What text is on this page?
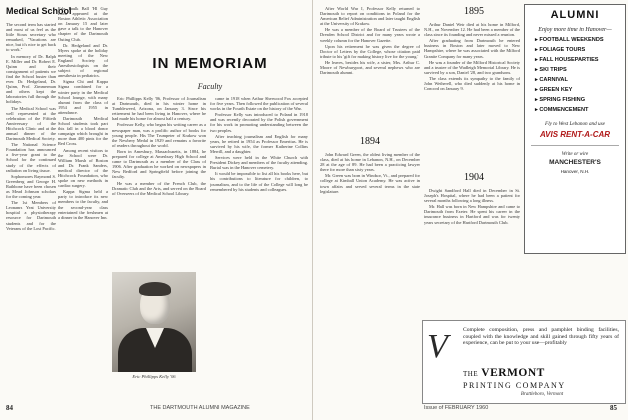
Medical School

The second term has started and most of us feel as the little Sioux secretary who remarked, "Vacations are nice, but it's nice to get back to work."

In memory of Dr. Ralph E. Miller and Dr. Robert E. Quinn and their consignment of patients we find the School busier than ever. Dr. Hedgeland, Dr. Quinn, Prof. Zimmerman and others kept the laboratories full through the holidays.

The Medical School was well represented at the celebration of the Fiftieth Anniversary of the Hitchcock Clinic and at the annual dinner of the Dartmouth Medical Society.

The National Science Foundation has announced a five-year grant to the School for the continued study of the effects of radiation on living tissue.

Sophomores Raymond S. Greenberg and George H. Rathbone have been chosen as Mead Johnson scholars for the coming year.

The 1st Members of Leonanrs Yeat University hospital a physiotherapy resource for Dartmouth students and for the Veterans of the Lost Pacific.

Erle Faulk Ball 'Hl Guy Lock appeared at the Boston Athletic Association on January 15 and later gave a talk to the Hanover chapter of the Dartmouth Outing Club.

Dr. Hedgeland and Dr. Myers spoke at the holiday meeting of the New England Society of Anesthesiologists on the subject of regional anesthesia in pediatrics.

Sigma Chi and Kappa Sigma combined for a winter party in the Medical School lounge, with many alumni from the class of 1954 and 1955 in attendance.

Dartmouth Medical School students took part this fall in a blood donor campaign which brought in more than 400 pints for the Red Cross.

Among recent visitors to the School were Dr. William Marsh of Boston and Dr. Frank Sanders, medical director of the Hitchcock Foundation, who spoke on new methods in cardiac surgery.

Kappa Sigma held a party to introduce its new members to the faculty, and the second-year class entertained the freshmen at a dinner in the Hanover Inn.

IN MEMORIAM
Faculty

Eric Phillipps Kelly '06, Professor of Journalism at Dartmouth, died in his winter home in Tumbleweed, Arizona, on January 3. Since his retirement he had been living in Hanover, where he had made his home for almost half a century.

Professor Kelly, who began his writing career as a newspaper man, was a prolific author of books for young people. His The Trumpeter of Krakow won the Newbery Medal in 1929 and remains a favorite of readers throughout the world.

Born in Amesbury, Massachusetts, in 1884, he prepared for college at Amesbury High School and came to Dartmouth as a member of the Class of 1906. After graduation he worked on newspapers in New Bedford and Springfield before joining the faculty.

He was a member of the French Club, the Dramatic Club and the Arts, and served on the Board of Overseers of the Medical School Library.

Eric Phillipps Kelly '06

came in 1918 when Arthur Sherwood Fox accepted for five years. Then followed the publication of several works in the Fourth Estate on the history of the War.

Professor Kelly was introduced to Poland in 1918 and was recently decorated by the Polish government for his work in promoting understanding between the two peoples.

After teaching journalism and English for many years, he retired in 1954 as Professor Emeritus. He is survived by his wife, the former Katherine Collins Merrill, and a daughter.

Services were held in the White Church with President Dickey and members of the faculty attending. Burial was in the Hanover cemetery.

It would be impossible to list all his books here, but his contributions to literature for children, to journalism, and to the life of the College will long be remembered by his students and colleagues.

84	THE DARTMOUTH ALUMNI MAGAZINE

After World War I, Professor Kelly returned to Dartmouth to report on conditions in Poland for the American Relief Administration and later taught English at the University of Krakow.

He was a member of the Board of Trustees of the Dresden School District and for many years wrote a weekly column for the Hanover Gazette.

Upon his retirement he was given the degree of Doctor of Letters by the College, whose citation paid tribute to his 'gift for making history live for the young.'

He leaves, besides his wife, a sister, Mrs. Arthur C. Moore of Newburyport, and several nephews who are Dartmouth alumni.

1894

John Edward Green, the oldest living member of the class, died at his home in Lebanon, N.H., on December 28 at the age of 89. He had been a practicing lawyer there for more than sixty years.

Mr. Green was born in Windsor, Vt., and prepared for college at Kimball Union Academy. He was active in town affairs and served several terms in the state legislature.

1895

Arthur Daniel Weir died at his home in Milford, N.H., on November 12. He had been a member of the class since its founding and never missed a reunion.

After graduating from Dartmouth he entered business in Boston and later moved to New Hampshire, where he was associated with the Milford Granite Company for many years.

He was a founder of the Milford Historical Society and a trustee of the Wadleigh Memorial Library. He is survived by a son, Daniel '28, and two grandsons.

The class extends its sympathy to the family of John Wetherell, who died suddenly at his home in Concord on January 9.

1904

Dwight Sandford Hall died in December in St. Joseph's Hospital, where he had been a patient for several months following a long illness.

Mr. Hall was born in New Hampshire and came to Dartmouth from Exeter. He spent his career in the insurance business in Hartford and was for twenty years secretary of the Hartford Dartmouth Club.

Issue of FEBRUARY 1960	85
ALUMNI
Enjoy more time in Hanover—
▸ FOOTBALL WEEKENDS
▸ FOLIAGE TOURS
▸ FALL HOUSEPARTIES
▸ SKI TRIPS
▸ CARNIVAL
▸ GREEN KEY
▸ SPRING FISHING
▸ COMMENCEMENT
Fly to West Lebanon and use
AVIS RENT-A-CAR
Write or wire
MANCHESTER'S
Hanover, N.H.
V	Complete composition, press and pamphlet binding facilities, coupled with the knowledge and skill gained through fifty years of experience, can be put to your use—profitably
THE VERMONT
PRINTING COMPANY
Brattleboro, Vermont
